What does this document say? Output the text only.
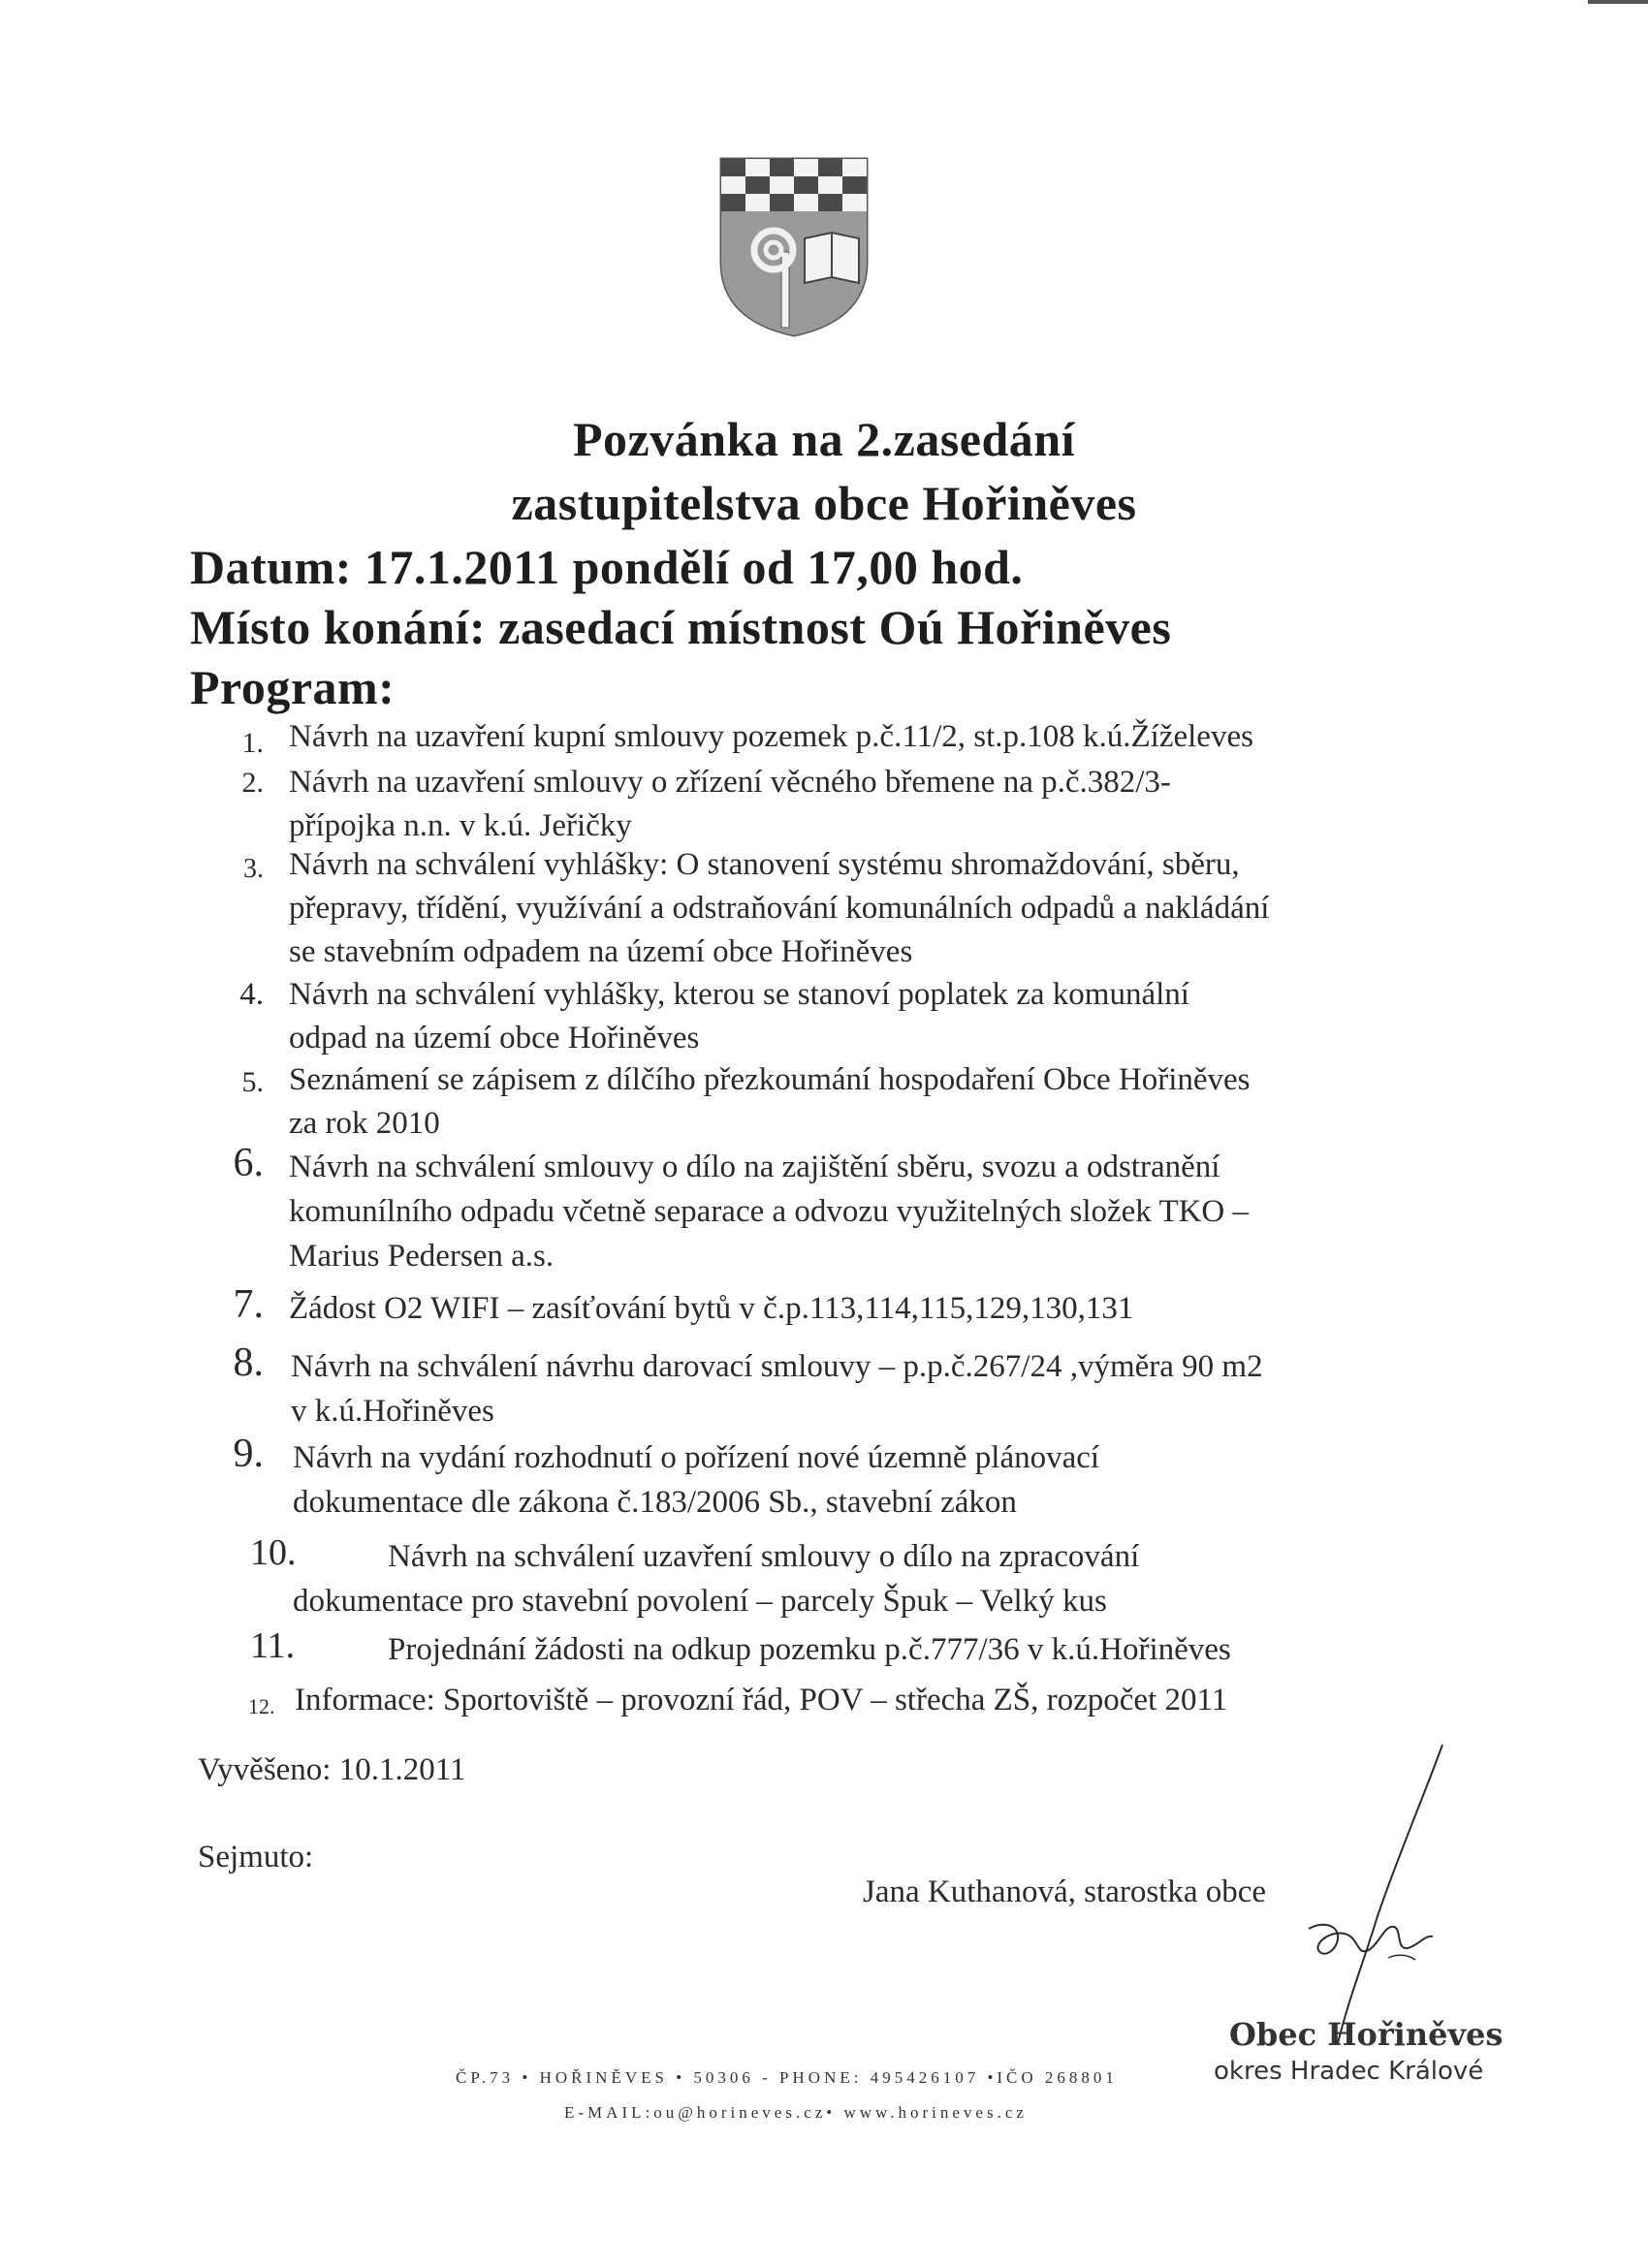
Pozvánka na 2.zasedání
zastupitelstva obce Hořiněves
Datum: 17.1.2011 pondělí od 17,00 hod.
Místo konání: zasedací místnost Oú Hořiněves
Program:
1. Návrh na uzavření kupní smlouvy pozemek p.č.11/2, st.p.108 k.ú.Žíželeves
2. Návrh na uzavření smlouvy o zřízení věcného břemene na p.č.382/3-
přípojka n.n. v k.ú. Jeřičky
3. Návrh na schválení vyhlášky: O stanovení systému shromaždování, sběru,
přepravy, třídění, využívání a odstraňování komunálních odpadů a nakládání
se stavebním odpadem na území obce Hořiněves
4. Návrh na schválení vyhlášky, kterou se stanoví poplatek za komunální
odpad na území obce Hořiněves
5. Seznámení se zápisem z dílčího přezkoumání hospodaření Obce Hořiněves
za rok 2010
6. Návrh na schválení smlouvy o dílo na zajištění sběru, svozu a odstranění
komunílního odpadu včetně separace a odvozu využitelných složek TKO –
Marius Pedersen a.s.
7. Žádost O2 WIFI – zasíťování bytů v č.p.113,114,115,129,130,131
8. Návrh na schválení návrhu darovací smlouvy – p.p.č.267/24 ,výměra 90 m2
v k.ú.Hořiněves
9. Návrh na vydání rozhodnutí o pořízení nové územně plánovací
dokumentace dle zákona č.183/2006 Sb., stavební zákon
10.	Návrh na schválení uzavření smlouvy o dílo na zpracování
dokumentace pro stavební povolení – parcely Špuk – Velký kus
11.	Projednání žádosti na odkup pozemku p.č.777/36 v k.ú.Hořiněves
12. Informace: Sportoviště – provozní řád, POV – střecha ZŠ, rozpočet 2011
Vyvěšeno: 10.1.2011
Sejmuto:
Jana Kuthanová, starostka obce
Obec Hořiněves
okres Hradec Králové
ČP.73 • HOŘINĚVES • 50306 - PHONE: 495426107 •IČO 268801
E-MAIL:ou@horineves.cz• www.horineves.cz
